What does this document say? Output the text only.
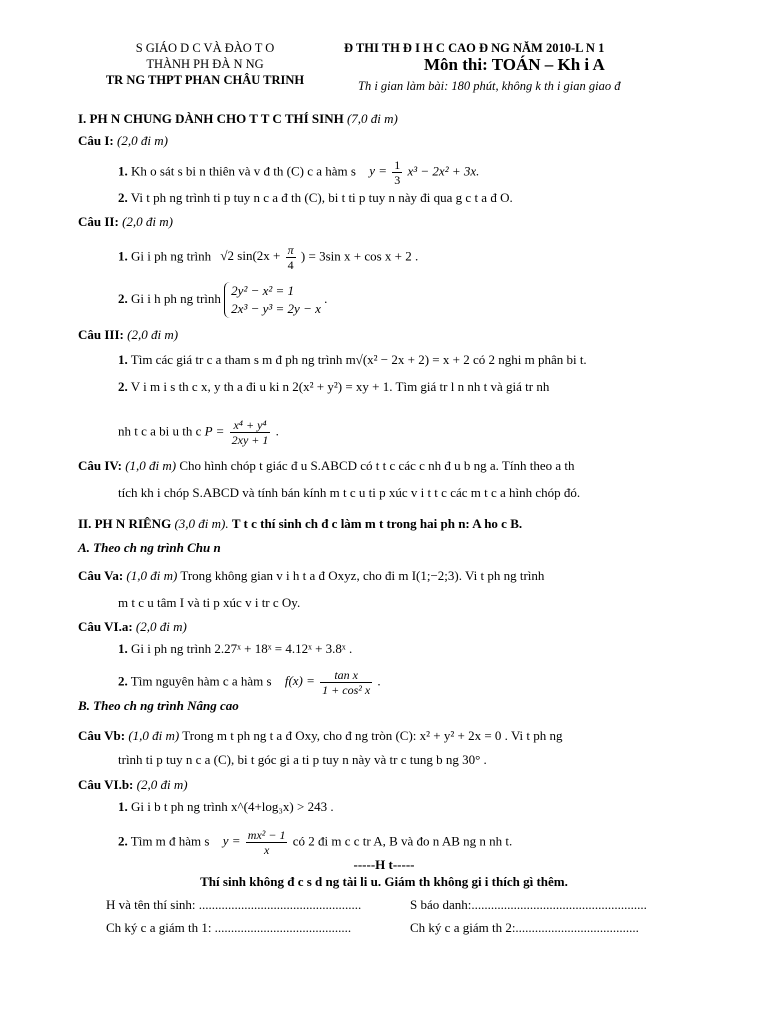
S GIÁO D C VÀ ĐÀO T O
THÀNH PH ĐÀ N NG
TR NG THPT PHAN CHÂU TRINH
Đ THI TH Đ I H C CAO Đ NG NĂM 2010-L N 1
Môn thi: TOÁN – Kh i A
Th i gian làm bài: 180 phút, không k th i gian giao đ
I. PH N CHUNG DÀNH CHO T T C THÍ SINH (7,0 đi m)
Câu I: (2,0 đi m)
1. Kh o sát s bi n thiên và v đ th (C) c a hàm s $y = \frac{1}{3} x^3 - 2x^2 + 3x$.
2. Vi t ph ng trình ti p tuy n c a đ th (C), bi t ti p tuy n này đi qua g c t a đ O.
Câu II: (2,0 đi m)
1. Gi i ph ng trình √2 $\sin(2x + \frac{\pi}{4}$ ) = 3sin x + cos x + 2 .
2. Gi i h ph ng trình
2y² − x² = 1
2x³ − y³ = 2y − x
.
Câu III: (2,0 đi m)
1. Tìm các giá tr c a tham s m đ ph ng trình m√(x² − 2x + 2) = x + 2 có 2 nghi m phân bi t.
2. V i m i s th c x, y th a đi u ki n 2(x² + y²) = xy + 1. Tìm giá tr l n nh t và giá tr nh
nh t c a bi u th c $P = \frac{\text{x⁴ + y⁴}}{2xy + 1}$ .
Câu IV: (1,0 đi m) Cho hình chóp t giác đ u S.ABCD có t t c các c nh đ u b ng a. Tính theo a th
tích kh i chóp S.ABCD và tính bán kính m t c u ti p xúc v i t t c các m t c a hình chóp đó.
II. PH N RIÊNG (3,0 đi m). T t c thí sinh ch đ c làm m t trong hai ph n: A ho c B.
A. Theo ch ng trình Chu n
Câu Va: (1,0 đi m) Trong không gian v i h t a đ Oxyz, cho đi m I(1;−2;3). Vi t ph ng trình
m t c u tâm I và ti p xúc v i tr c Oy.
Câu VI.a: (2,0 đi m)
1. Gi i ph ng trình 2.27ˣ + 18ˣ = 4.12ˣ + 3.8ˣ .
2. Tìm nguyên hàm c a hàm s $f(x) = \frac{\text{tan x}}{\text{1 + cos² x}}$ .
B. Theo ch ng trình Nâng cao
Câu Vb: (1,0 đi m) Trong m t ph ng t a đ Oxy, cho đ ng tròn (C): x² + y² + 2x = 0 . Vi t ph ng
trình ti p tuy n c a (C), bi t góc gi a ti p tuy n này và tr c tung b ng 30° .
Câu VI.b: (2,0 đi m)
1. Gi i b t ph ng trình x^(4+log₃x) > 243 .
2. Tìm m đ hàm s $y = \frac{\text{mx² − 1}}{x}$ có 2 đi m c c tr A, B và đo n AB ng n nh t.
-----H t-----
Thí sinh không đ c s d ng tài li u. Giám th không gi i thích gì thêm.
H và tên thí sinh: ..................................................	S báo danh:......................................................
Ch ký c a giám th 1: ..........................................	Ch ký c a giám th 2:......................................
